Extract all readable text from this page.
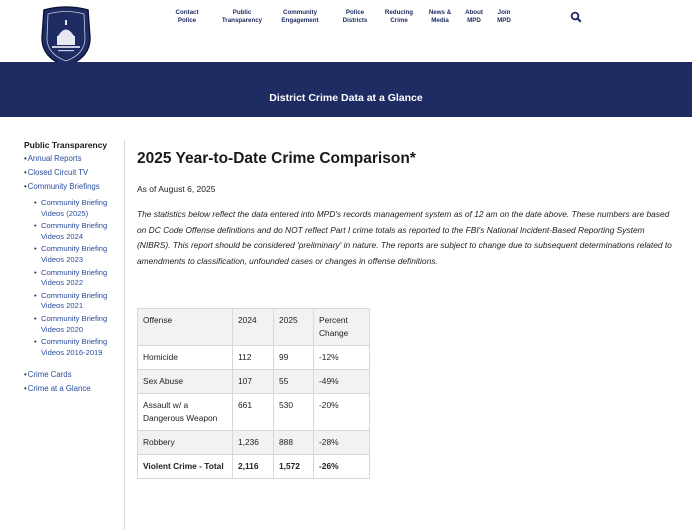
Contact
Police
Public
Transparency
Community
Engagement
Police
Districts
Reducing
Crime
News &
Media
About
MPD
Join
MPD
District Crime Data at a Glance
Public Transparency
•Annual Reports
•Closed Circuit TV
•Community Briefings
• Community Briefing Videos (2025)
• Community Briefing Videos 2024
• Community Briefing Videos 2023
• Community Briefing Videos 2022
• Community Briefing Videos 2021
• Community Briefing Videos 2020
• Community Briefing Videos 2016-2019
•Crime Cards
•Crime at a Glance
2025 Year-to-Date Crime Comparison*
As of August 6, 2025
The statistics below reflect the data entered into MPD's records management system as of 12 am on the date above. These numbers are based on DC Code Offense definitions and do NOT reflect Part I crime totals as reported to the FBI's National Incident-Based Reporting System (NIBRS). This report should be considered 'preliminary' in nature. The reports are subject to change due to subsequent determinations related to amendments to classification, unfounded cases or changes in offense definitions.
Offense	2024	2025	Percent Change
Homicide	112	99	-12%
Sex Abuse	107	55	-49%
Assault w/ a Dangerous Weapon	661	530	-20%
Robbery	1,236	888	-28%
Violent Crime - Total	2,116	1,572	-26%
